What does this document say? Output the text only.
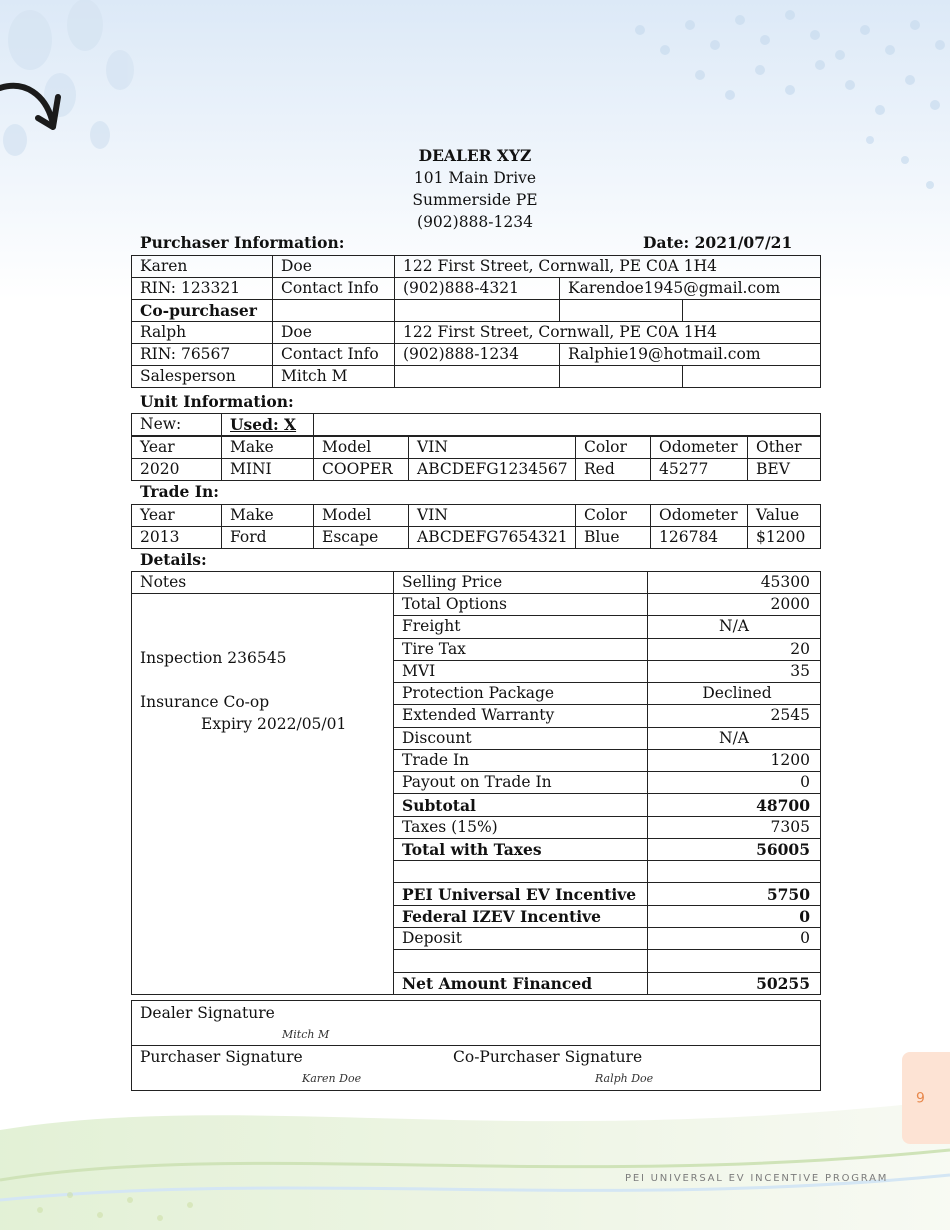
DEALER XYZ
101 Main Drive
Summerside PE
(902)888-1234
Purchaser Information:	Date: 2021/07/21
Karen	Doe	122 First Street, Cornwall, PE C0A 1H4		
RIN: 123321	Contact Info	(902)888-4321	Karendoe1945@gmail.com	
Co-purchaser				
Ralph	Doe	122 First Street, Cornwall, PE C0A 1H4		
RIN: 76567	Contact Info	(902)888-1234	Ralphie19@hotmail.com	
Salesperson	Mitch M			
Unit Information:
New:	Used: X	
Year	Make	Model	VIN	Color	Odometer	Other
2020	MINI	COOPER	ABCDEFG1234567	Red	45277	BEV
Trade In:
Year	Make	Model	VIN	Color	Odometer	Value
2013	Ford	Escape	ABCDEFG7654321	Blue	126784	$1200
Details:
Notes	Selling Price	45300

Inspection 236545
Insurance Co-op
Expiry 2022/05/01	Total Options	2000
	Freight	N/A
	Tire Tax	20
	MVI	35
	Protection Package	Declined
	Extended Warranty	2545
	Discount	N/A
	Trade In	1200
	Payout on Trade In	0
	Subtotal	48700
	Taxes (15%)	7305
	Total with Taxes	56005

	PEI Universal EV Incentive	5750
	Federal IZEV Incentive	0
	Deposit	0

	Net Amount Financed	50255
Dealer Signature
Mitch M

Purchaser Signature
Karen Doe
Co-Purchaser Signature
Ralph Doe
6
PEI UNIVERSAL EV INCENTIVE PROGRAM
